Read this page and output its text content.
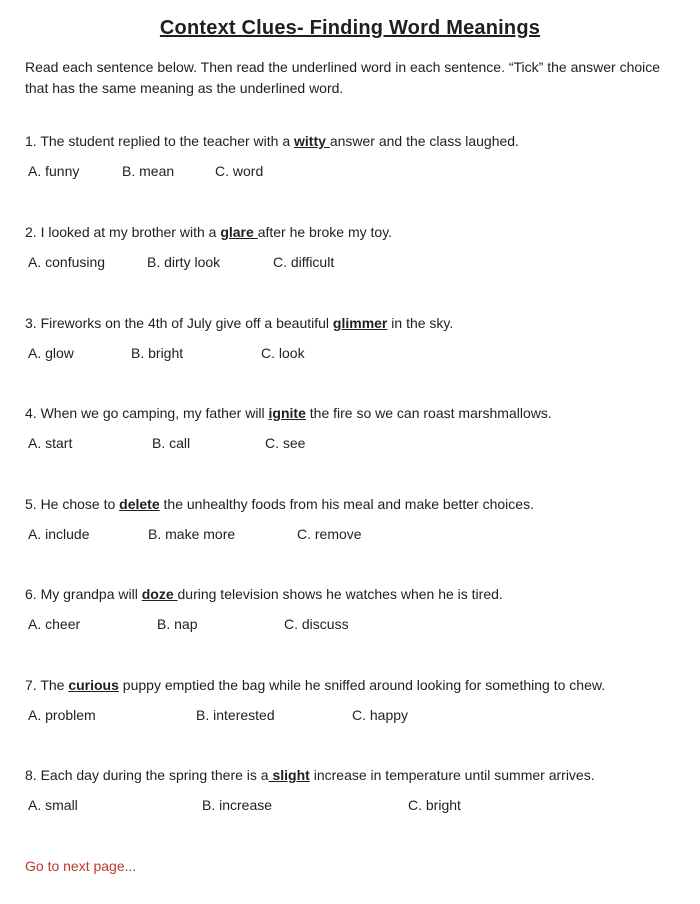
Context Clues- Finding Word Meanings

Read each sentence below. Then read the underlined word in each sentence. “Tick” the answer choice that has the same meaning as the underlined word.

1. The student replied to the teacher with a witty answer and the class laughed.

A. funny	B. mean	C. word

2. I looked at my brother with a glare after he broke my toy.

A. confusing	B. dirty look	C. difficult

3. Fireworks on the 4th of July give off a beautiful glimmer in the sky.

A. glow	B. bright	C. look

4. When we go camping, my father will ignite the fire so we can roast marshmallows.

A. start	B. call	C. see

5. He chose to delete the unhealthy foods from his meal and make better choices.

A. include	B. make more	C. remove

6. My grandpa will doze during television shows he watches when he is tired.

A. cheer	B. nap	C. discuss

7. The curious puppy emptied the bag while he sniffed around looking for something to chew.

A. problem	B. interested	C. happy

8. Each day during the spring there is a slight increase in temperature until summer arrives.

A. small	B. increase	C. bright

Go to next page...
